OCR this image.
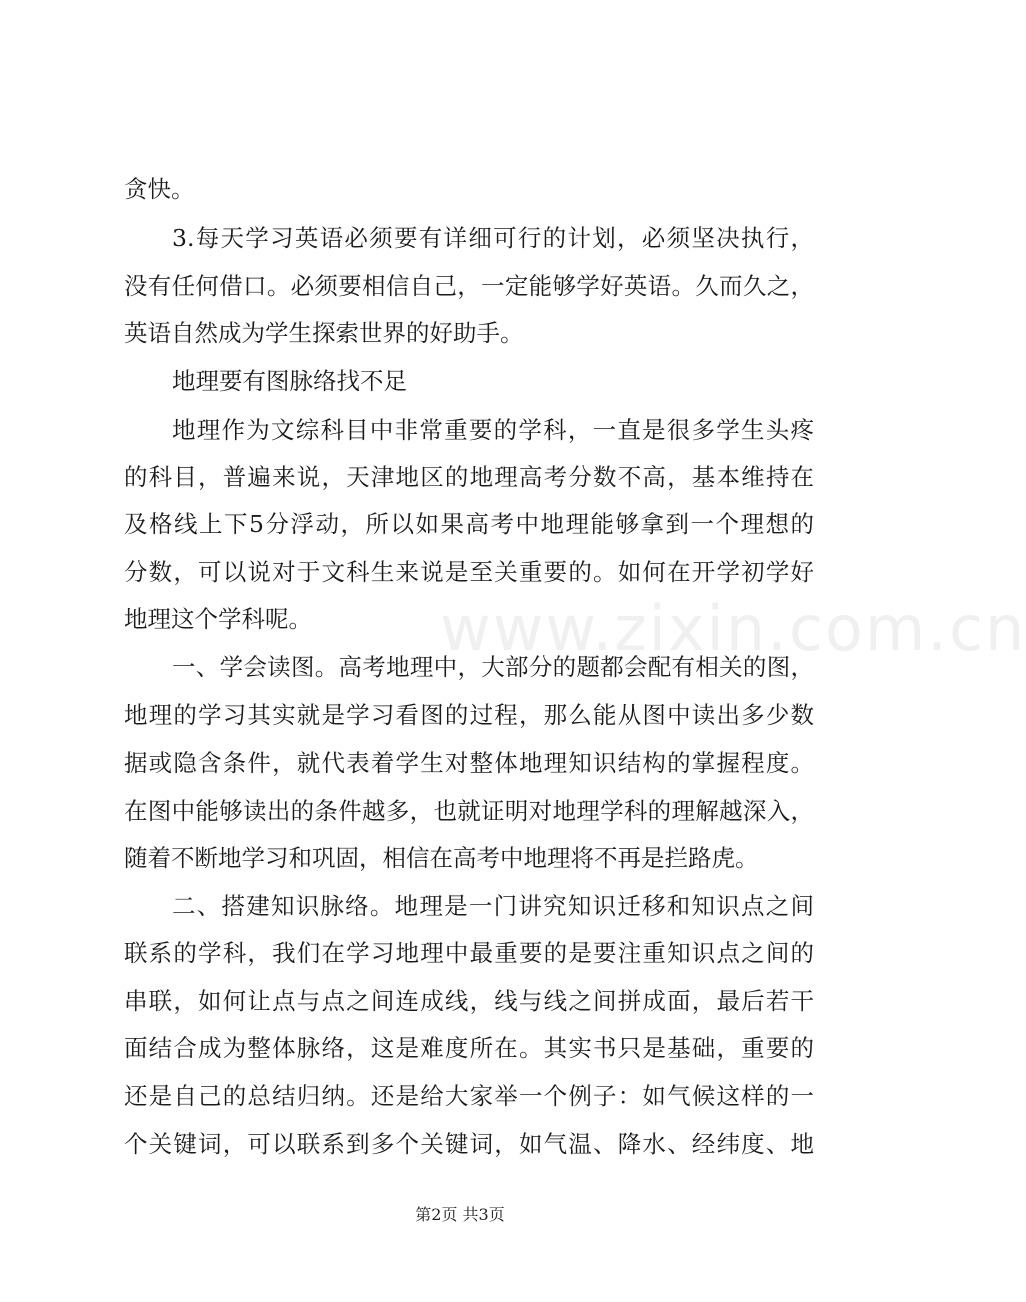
贪快。
3.每天学习英语必须要有详细可行的计划，必须坚决执行，
没有任何借口。必须要相信自己，一定能够学好英语。久而久之，
英语自然成为学生探索世界的好助手。
地理要有图脉络找不足
地理作为文综科目中非常重要的学科，一直是很多学生头疼
的科目，普遍来说，天津地区的地理高考分数不高，基本维持在
及格线上下5分浮动，所以如果高考中地理能够拿到一个理想的
分数，可以说对于文科生来说是至关重要的。如何在开学初学好
地理这个学科呢。
一、学会读图。高考地理中，大部分的题都会配有相关的图，
地理的学习其实就是学习看图的过程，那么能从图中读出多少数
据或隐含条件，就代表着学生对整体地理知识结构的掌握程度。
在图中能够读出的条件越多，也就证明对地理学科的理解越深入，
随着不断地学习和巩固，相信在高考中地理将不再是拦路虎。
二、搭建知识脉络。地理是一门讲究知识迁移和知识点之间
联系的学科，我们在学习地理中最重要的是要注重知识点之间的
串联，如何让点与点之间连成线，线与线之间拼成面，最后若干
面结合成为整体脉络，这是难度所在。其实书只是基础，重要的
还是自己的总结归纳。还是给大家举一个例子：如气候这样的一
个关键词，可以联系到多个关键词，如气温、降水、经纬度、地
www.zixin.com.cn
第2页 共3页
